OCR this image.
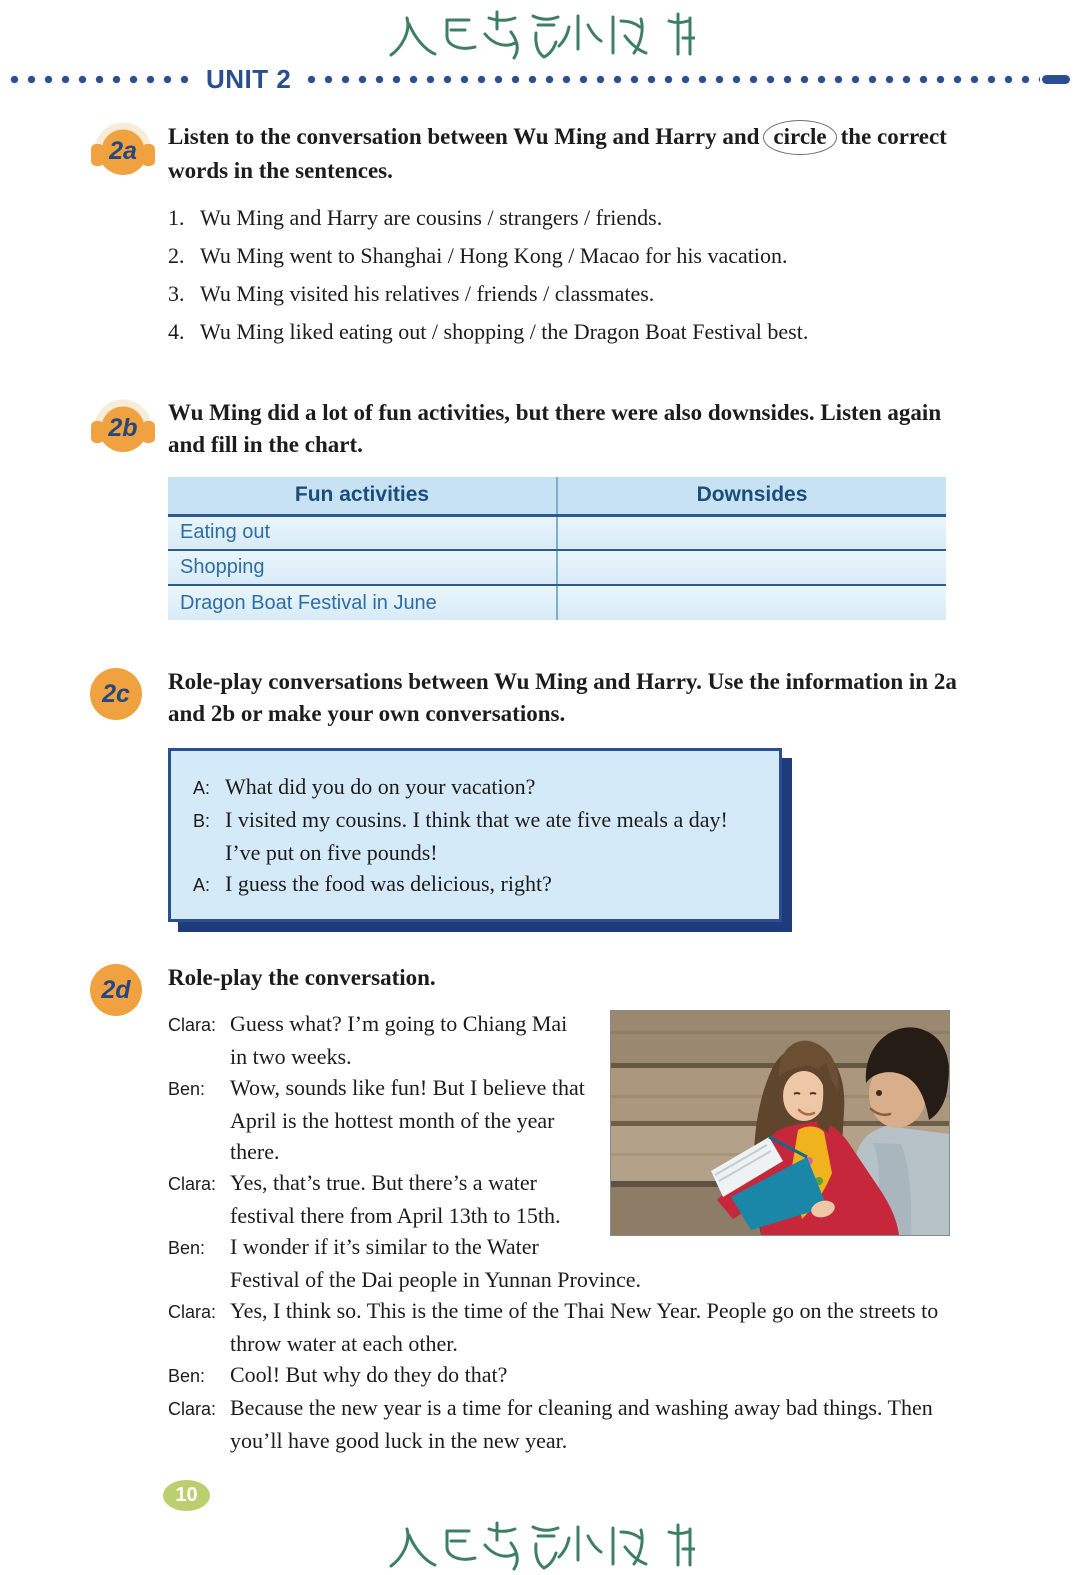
UNIT 2
2a

Listen to the conversation between Wu Ming and Harry and circle the correct words in the sentences.

1. Wu Ming and Harry are cousins / strangers / friends.
2. Wu Ming went to Shanghai / Hong Kong / Macao for his vacation.
3. Wu Ming visited his relatives / friends / classmates.
4. Wu Ming liked eating out / shopping / the Dragon Boat Festival best.
2b

Wu Ming did a lot of fun activities, but there were also downsides. Listen again and fill in the chart.

Fun activities	Downsides
Eating out	
Shopping	
Dragon Boat Festival in June	
2c	Role-play conversations between Wu Ming and Harry. Use the information in 2a and 2b or make your own conversations.

A: What did you do on your vacation?

B: I visited my cousins. I think that we ate five meals a day! I’ve put on five pounds!

A: I guess the food was delicious, right?

2d	Role-play the conversation.

Clara: Guess what? I’m going to Chiang Mai in two weeks.

Ben: Wow, sounds like fun! But I believe that April is the hottest month of the year there.

Clara: Yes, that’s true. But there’s a water festival there from April 13th to 15th.

Ben: I wonder if it’s similar to the Water Festival of the Dai people in Yunnan Province.

Clara: Yes, I think so. This is the time of the Thai New Year. People go on the streets to throw water at each other.

Ben: Cool! But why do they do that?

Clara: Because the new year is a time for cleaning and washing away bad things. Then you’ll have good luck in the new year.

10
